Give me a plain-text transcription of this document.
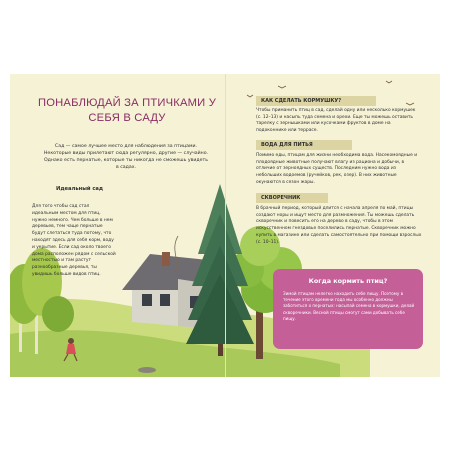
ПОНАБЛЮДАЙ ЗА ПТИЧКАМИ У СЕБЯ В САДУ

Сад — самое лучшее место для наблюдения за птицами. Некоторые виды прилетают сюда регулярно, другие — случайно. Однако есть пернатые, которые ты никогда не сможешь увидеть в садах.

Идеальный сад

Для того чтобы сад стал идеальным местом для птиц, нужно немного. Чем больше в нем деревьев, тем чаще пернатые будут слетаться туда потому, что находят здесь для себя корм, воду и укрытие. Если сад около твоего дома расположен рядом с сельской местностью и там растут разнообразные деревья, ты увидишь больше видов птиц.

КАК СДЕЛАТЬ КОРМУШКУ?

Чтобы приманить птиц в сад, сделай одну или несколько кормушек (с. 12–13) и насыпь туда семена и орехи. Еще ты можешь оставить тарелку с зернышками или кусочками фруктов в доме на подоконнике или террасе.

ВОДА ДЛЯ ПИТЬЯ

Помимо еды, птицам для жизни необходима вода. Насекомоядные и плодоядные животные получают влагу из рациона и добычи, в отличие от зерноядных существ. Последним нужно вода из небольших водоемов (ручейков, рек, озер). В них животные окунаются в сезон жары.

СКВОРЕЧНИК

В брачный период, который длится с начала апреля по май, птицы создают норы и ищут место для размножения. Ты можешь сделать скворечник и повесить его на дерево в саду, чтобы в этом искусственном гнездовье поселились пернатые. Скворечник можно купить в магазине или сделать самостоятельно при помощи взрослых (с. 10–11).

Когда кормить птиц?

Зимой птицам нелегко находить себе пищу. Поэтому в течение этого времени года мы особенно должны заботиться о пернатых: насыпай семена в кормушки, делай скворечники. Весной птицы смогут сами добывать себе пищу.
